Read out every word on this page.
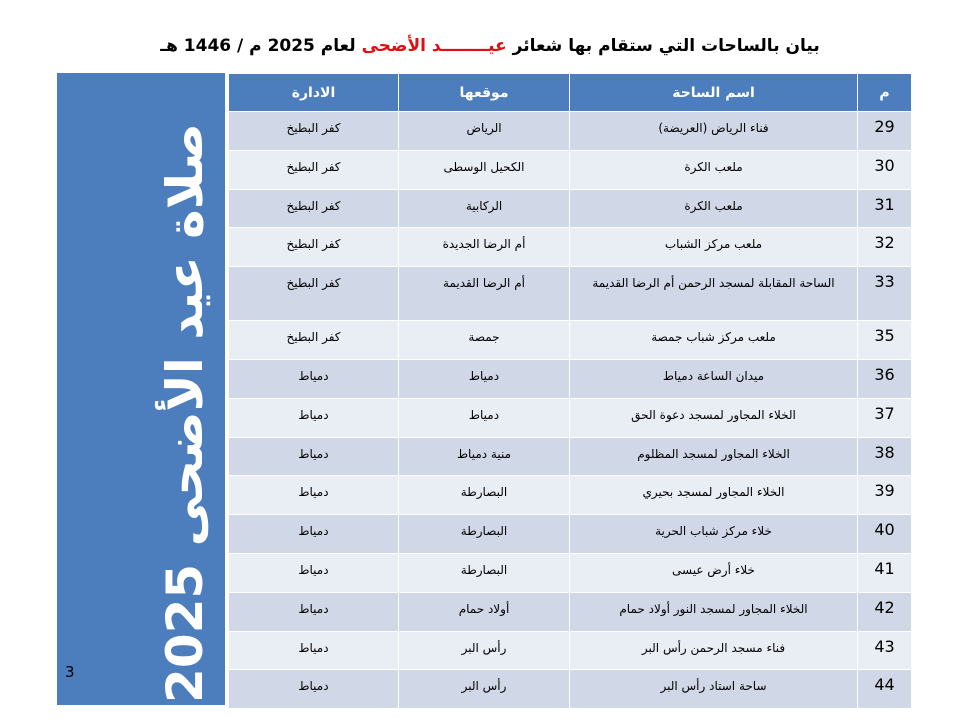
بيان بالساحات التي ستقام بها شعائر عيــــــــد الأضحى لعام 2025 م / 1446 هـ
صلاة عيد الأضحى 2025
3
م	اسم الساحة	موقعها	الادارة
29	فناء الرياض (العريضة)	الرياض	كفر البطيخ
30	ملعب الكرة	الكحيل الوسطى	كفر البطيخ
31	ملعب الكرة	الركابية	كفر البطيخ
32	ملعب مركز الشباب	أم الرضا الجديدة	كفر البطيخ
33	الساحة المقابلة لمسجد الرحمن أم الرضا القديمة	أم الرضا القديمة	كفر البطيخ
35	ملعب مركز شباب جمصة	جمصة	كفر البطيخ
36	ميدان الساعة دمياط	دمياط	دمياط
37	الخلاء المجاور لمسجد دعوة الحق	دمياط	دمياط
38	الخلاء المجاور لمسجد المظلوم	منية دمياط	دمياط
39	الخلاء المجاور لمسجد بحيري	البصارطة	دمياط
40	خلاء مركز شباب الحرية	البصارطة	دمياط
41	خلاء أرض عيسى	البصارطة	دمياط
42	الخلاء المجاور لمسجد النور أولاد حمام	أولاد حمام	دمياط
43	فناء مسجد الرحمن رأس البر	رأس البر	دمياط
44	ساحة استاد رأس البر	رأس البر	دمياط
